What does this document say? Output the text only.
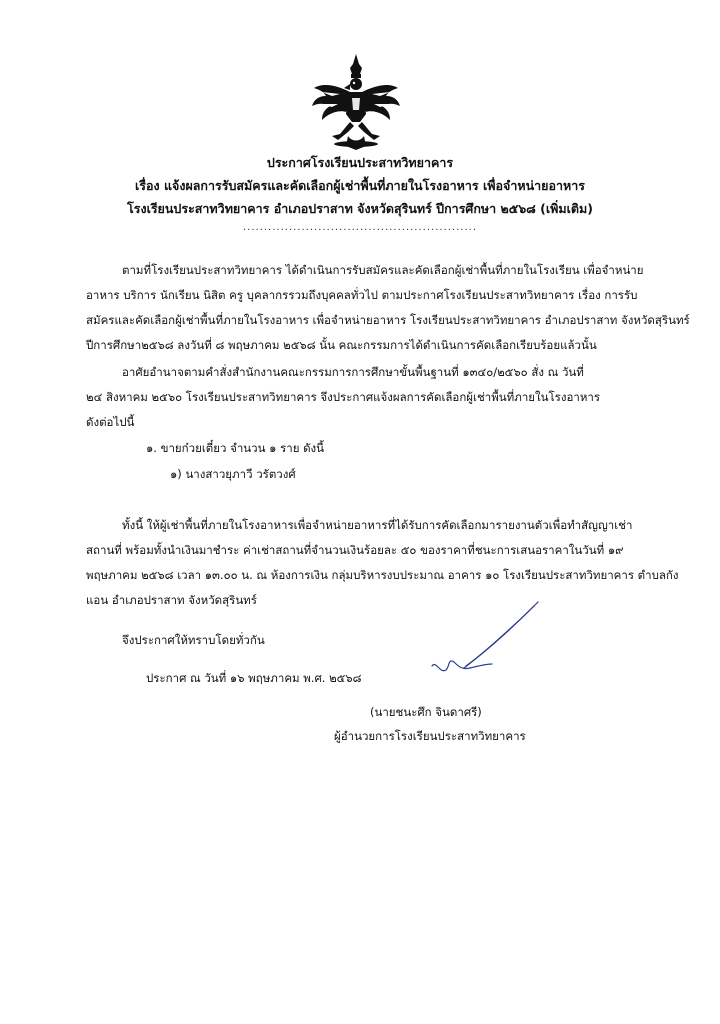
ประกาศโรงเรียนประสาทวิทยาคาร
เรื่อง แจ้งผลการรับสมัครและคัดเลือกผู้เช่าพื้นที่ภายในโรงอาหาร เพื่อจำหน่ายอาหาร
โรงเรียนประสาทวิทยาคาร อำเภอปราสาท จังหวัดสุรินทร์ ปีการศึกษา ๒๕๖๘ (เพิ่มเติม)
........................................................
ตามที่โรงเรียนประสาทวิทยาคาร ได้ดำเนินการรับสมัครและคัดเลือกผู้เช่าพื้นที่ภายในโรงเรียน เพื่อจำหน่าย
อาหาร บริการ นักเรียน นิสิต ครู บุคลากรรวมถึงบุคคลทั่วไป ตามประกาศโรงเรียนประสาทวิทยาคาร เรื่อง การรับ
สมัครและคัดเลือกผู้เช่าพื้นที่ภายในโรงอาหาร เพื่อจำหน่ายอาหาร โรงเรียนประสาทวิทยาคาร อำเภอปราสาท จังหวัดสุรินทร์
ปีการศึกษา๒๕๖๘ ลงวันที่ ๘ พฤษภาคม ๒๕๖๘ นั้น คณะกรรมการได้ดำเนินการคัดเลือกเรียบร้อยแล้วนั้น
อาศัยอำนาจตามคำสั่งสำนักงานคณะกรรมการการศึกษาขั้นพื้นฐานที่ ๑๓๔๐/๒๕๖๐ สั่ง ณ วันที่
๒๔ สิงหาคม ๒๕๖๐ โรงเรียนประสาทวิทยาคาร จึงประกาศแจ้งผลการคัดเลือกผู้เช่าพื้นที่ภายในโรงอาหาร
ดังต่อไปนี้
๑. ขายก๋วยเตี๋ยว จำนวน ๑ ราย ดังนี้
๑) นางสาวยุภาวี วรัตวงศ์
ทั้งนี้ ให้ผู้เช่าพื้นที่ภายในโรงอาหารเพื่อจำหน่ายอาหารที่ได้รับการคัดเลือกมารายงานตัวเพื่อทำสัญญาเช่า
สถานที่ พร้อมทั้งนำเงินมาชำระ ค่าเช่าสถานที่จำนวนเงินร้อยละ ๕๐ ของราคาที่ชนะการเสนอราคาในวันที่ ๑๙
พฤษภาคม ๒๕๖๘ เวลา ๑๓.๐๐ น. ณ ห้องการเงิน กลุ่มบริหารงบประมาณ อาคาร ๑๐ โรงเรียนประสาทวิทยาคาร ตำบลกัง
แอน อำเภอปราสาท จังหวัดสุรินทร์
จึงประกาศให้ทราบโดยทั่วกัน
ประกาศ ณ วันที่ ๑๖ พฤษภาคม พ.ศ. ๒๕๖๘
(นายชนะศึก จินดาศรี)
ผู้อำนวยการโรงเรียนประสาทวิทยาคาร
